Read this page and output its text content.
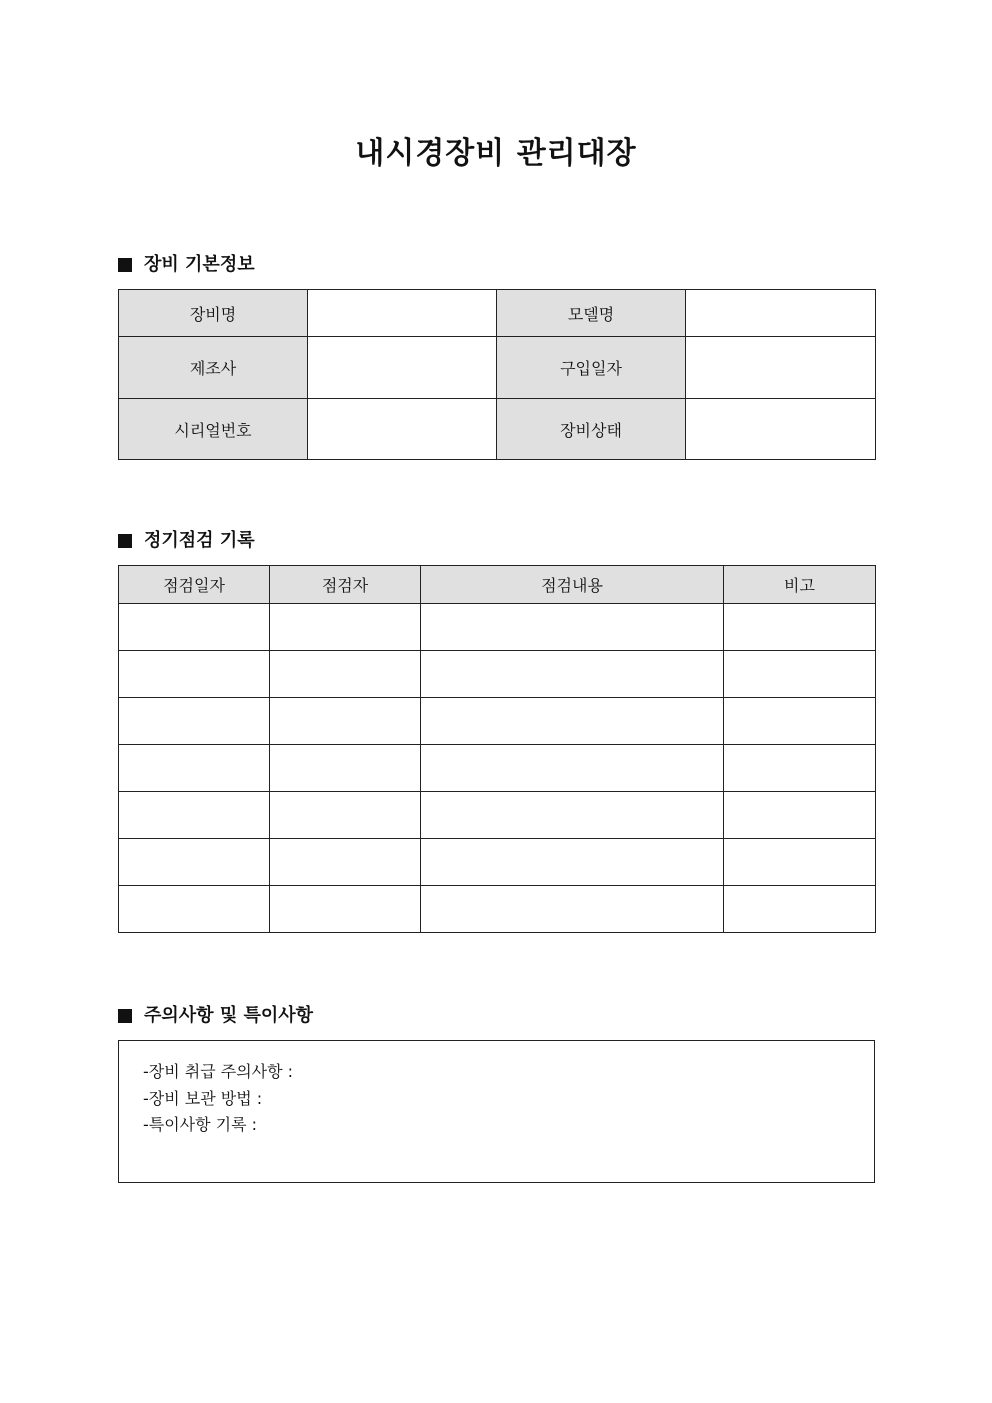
내시경장비 관리대장
장비 기본정보
장비명		모델명	
제조사		구입일자	
시리얼번호		장비상태	
정기점검 기록
점검일자	점검자	점검내용	비고

주의사항 및 특이사항
-장비 취급 주의사항 :
-장비 보관 방법 :
-특이사항 기록 :
